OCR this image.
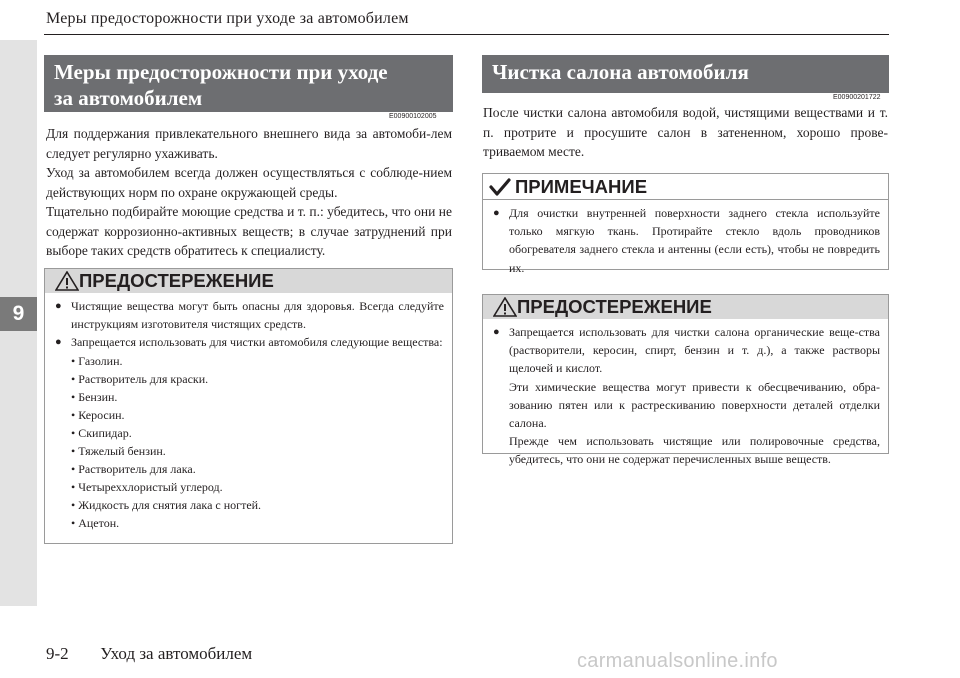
9
Меры предосторожности при уходе за автомобилем
Меры предосторожности при уходе
за автомобилем
E00900102005

Для поддержания привлекательного внешнего вида за автомоби-лем следует регулярно ухаживать.

Уход за автомобилем всегда должен осуществляться с соблюде-нием действующих норм по охране окружающей среды.

Тщательно подбирайте моющие средства и т. п.: убедитесь, что они не содержат коррозионно-активных веществ; в случае затруднений при выборе таких средств обратитесь к специалисту.

ПРЕДОСТЕРЕЖЕНИЕ
● Чистящие вещества могут быть опасны для здоровья. Всегда следуйте инструкциям изготовителя чистящих средств.
● Запрещается использовать для чистки автомобиля следующие вещества:
• Газолин.
• Растворитель для краски.
• Бензин.
• Керосин.
• Скипидар.
• Тяжелый бензин.
• Растворитель для лака.
• Четыреххлористый углерод.
• Жидкость для снятия лака с ногтей.
• Ацетон.
Чистка салона автомобиля
E00900201722
После чистки салона автомобиля водой, чистящими веществами и т. п. протрите и просушите салон в затененном, хорошо прове-триваемом месте.
ПРИМЕЧАНИЕ
● Для очистки внутренней поверхности заднего стекла используйте только мягкую ткань. Протирайте стекло вдоль проводников обогревателя заднего стекла и антенны (если есть), чтобы не повредить их.
ПРЕДОСТЕРЕЖЕНИЕ
● Запрещается использовать для чистки салона органические веще-ства (растворители, керосин, спирт, бензин и т. д.), а также растворы щелочей и кислот.
Эти химические вещества могут привести к обесцвечиванию, обра-зованию пятен или к растрескиванию поверхности деталей отделки салона.
Прежде чем использовать чистящие или полировочные средства, убедитесь, что они не содержат перечисленных выше веществ.
9-2 Уход за автомобилем	carmanualsonline.info
